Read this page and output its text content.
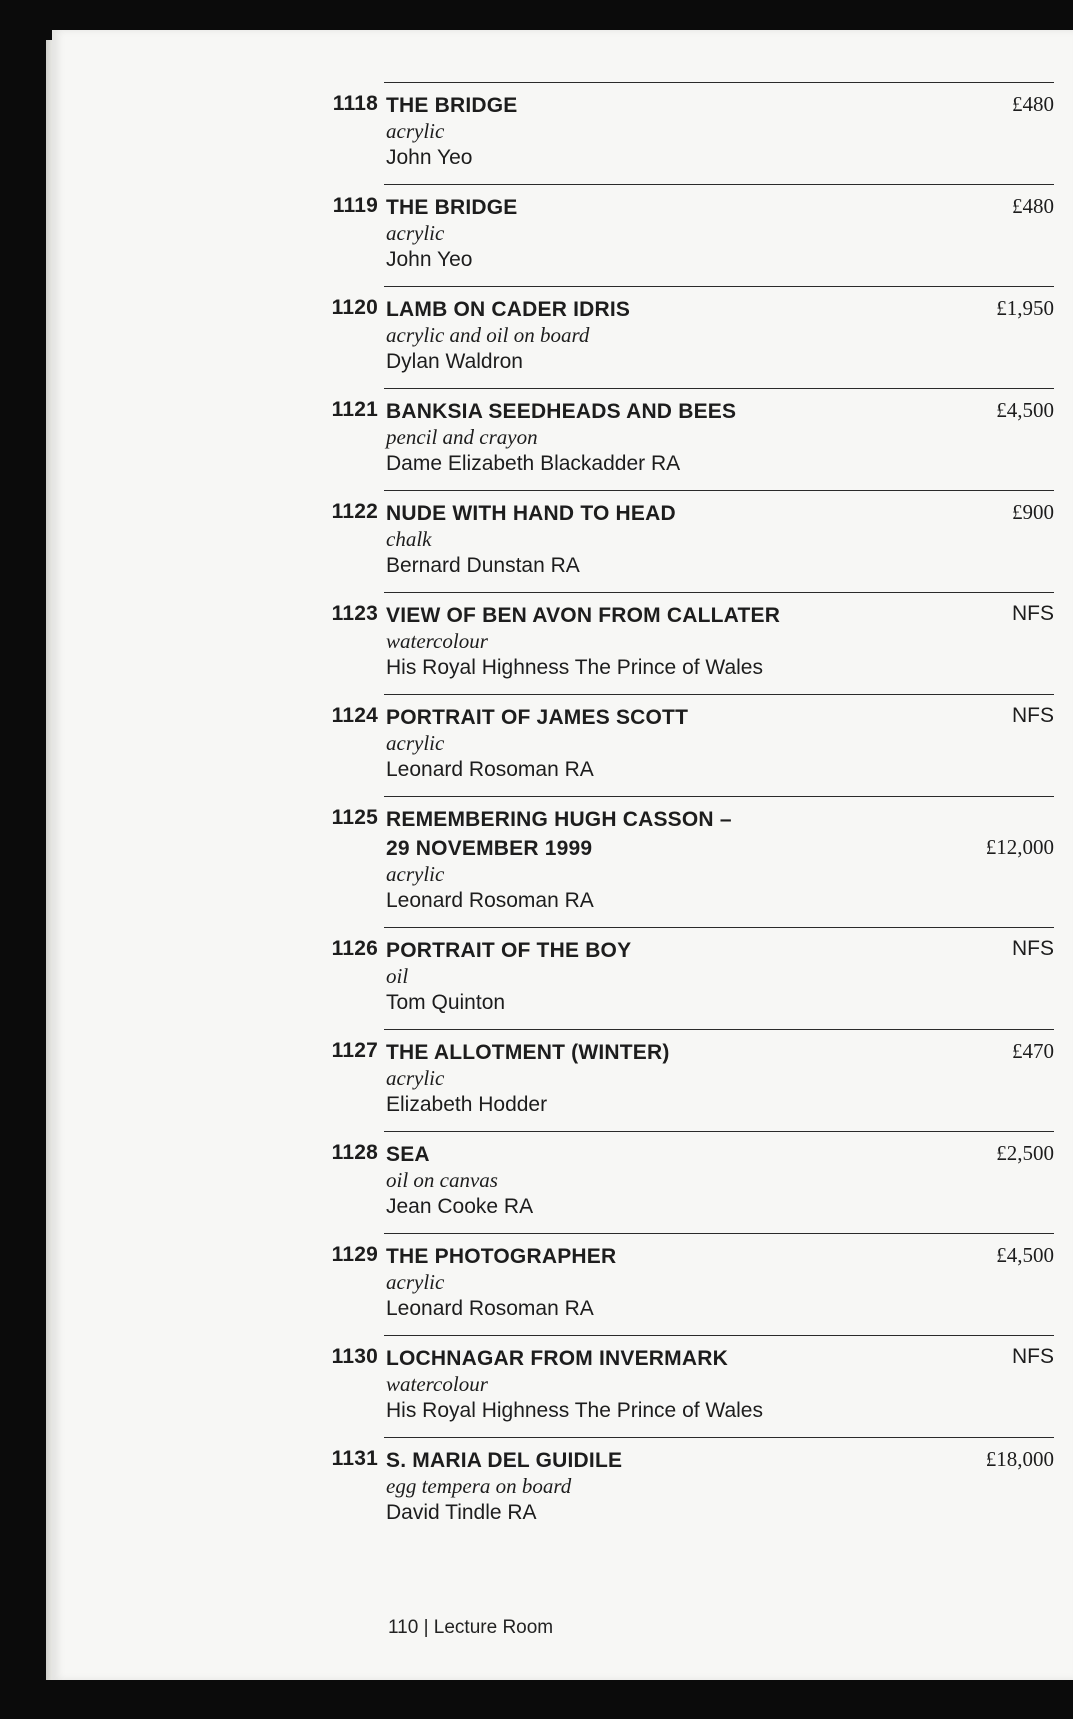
1118 THE BRIDGE
acrylic
John Yeo
£480
1119 THE BRIDGE
acrylic
John Yeo
£480
1120 LAMB ON CADER IDRIS
acrylic and oil on board
Dylan Waldron
£1,950
1121 BANKSIA SEEDHEADS AND BEES
pencil and crayon
Dame Elizabeth Blackadder RA
£4,500
1122 NUDE WITH HAND TO HEAD
chalk
Bernard Dunstan RA
£900
1123 VIEW OF BEN AVON FROM CALLATER
watercolour
His Royal Highness The Prince of Wales
NFS
1124 PORTRAIT OF JAMES SCOTT
acrylic
Leonard Rosoman RA
NFS
1125 REMEMBERING HUGH CASSON –
29 NOVEMBER 1999
acrylic
Leonard Rosoman RA
£12,000
1126 PORTRAIT OF THE BOY
oil
Tom Quinton
NFS
1127 THE ALLOTMENT (WINTER)
acrylic
Elizabeth Hodder
£470
1128 SEA
oil on canvas
Jean Cooke RA
£2,500
1129 THE PHOTOGRAPHER
acrylic
Leonard Rosoman RA
£4,500
1130 LOCHNAGAR FROM INVERMARK
watercolour
His Royal Highness The Prince of Wales
NFS
1131 S. MARIA DEL GUIDILE
egg tempera on board
David Tindle RA
£18,000
110 | Lecture Room
